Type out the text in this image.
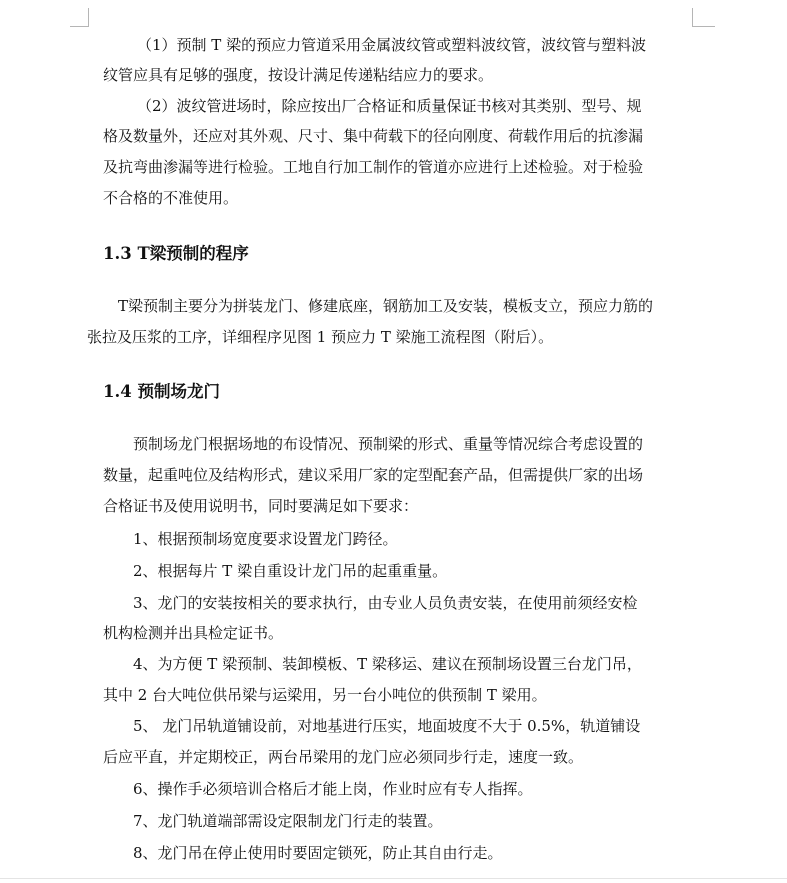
（1）预制 T 梁的预应力管道采用金属波纹管或塑料波纹管，波纹管与塑料波
纹管应具有足够的强度，按设计满足传递粘结应力的要求。
（2）波纹管进场时，除应按出厂合格证和质量保证书核对其类别、型号、规
格及数量外，还应对其外观、尺寸、集中荷载下的径向刚度、荷载作用后的抗渗漏
及抗弯曲渗漏等进行检验。工地自行加工制作的管道亦应进行上述检验。对于检验
不合格的不准使用。
1.3 T梁预制的程序
T梁预制主要分为拼装龙门、修建底座，钢筋加工及安装，模板支立，预应力筋的
张拉及压浆的工序，详细程序见图 1 预应力 T 梁施工流程图（附后）。
1.4 预制场龙门
预制场龙门根据场地的布设情况、预制梁的形式、重量等情况综合考虑设置的
数量，起重吨位及结构形式，建议采用厂家的定型配套产品，但需提供厂家的出场
合格证书及使用说明书，同时要满足如下要求：
1、根据预制场宽度要求设置龙门跨径。
2、根据每片 T 梁自重设计龙门吊的起重重量。
3、龙门的安装按相关的要求执行，由专业人员负责安装，在使用前须经安检
机构检测并出具检定证书。
4、为方便 T 梁预制、装卸模板、T 梁移运、建议在预制场设置三台龙门吊，
其中 2 台大吨位供吊梁与运梁用，另一台小吨位的供预制 T 梁用。
5、 龙门吊轨道铺设前，对地基进行压实，地面坡度不大于 0.5%，轨道铺设
后应平直，并定期校正，两台吊梁用的龙门应必须同步行走，速度一致。
6、操作手必须培训合格后才能上岗，作业时应有专人指挥。
7、龙门轨道端部需设定限制龙门行走的装置。
8、龙门吊在停止使用时要固定锁死，防止其自由行走。
